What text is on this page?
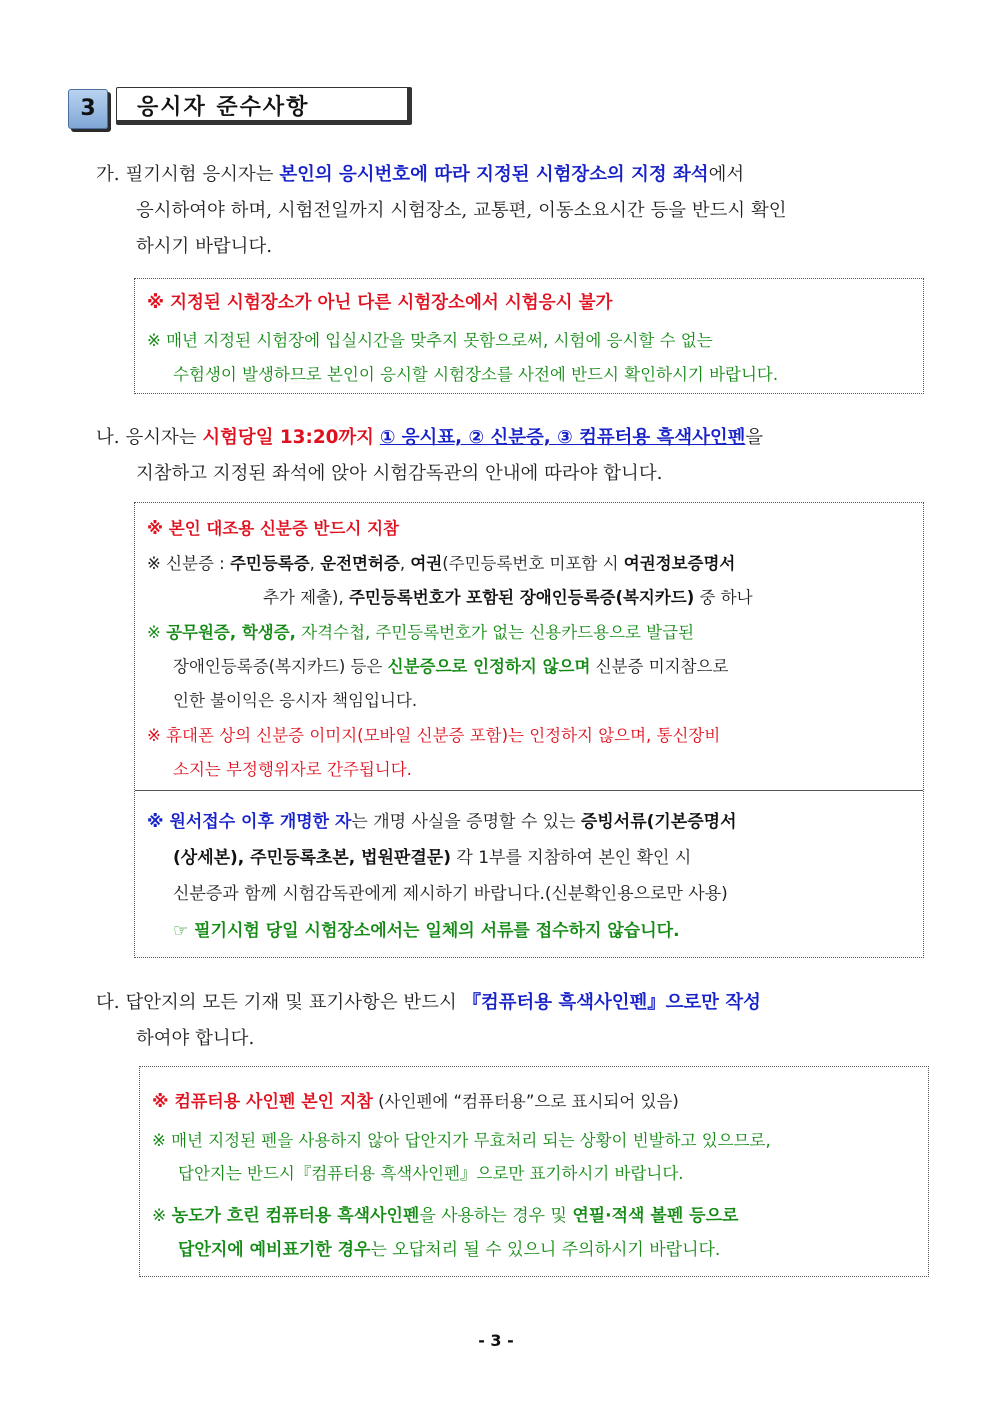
3	응시자 준수사항
가. 필기시험 응시자는 본인의 응시번호에 따라 지정된 시험장소의 지정 좌석에서
응시하여야 하며, 시험전일까지 시험장소, 교통편, 이동소요시간 등을 반드시 확인
하시기 바랍니다.
※ 지정된 시험장소가 아닌 다른 시험장소에서 시험응시 불가
※ 매년 지정된 시험장에 입실시간을 맞추지 못함으로써, 시험에 응시할 수 없는
수험생이 발생하므로 본인이 응시할 시험장소를 사전에 반드시 확인하시기 바랍니다.
나. 응시자는 시험당일 13:20까지 ① 응시표, ② 신분증, ③ 컴퓨터용 흑색사인펜을
지참하고 지정된 좌석에 앉아 시험감독관의 안내에 따라야 합니다.
※ 본인 대조용 신분증 반드시 지참
※ 신분증 : 주민등록증, 운전면허증, 여권(주민등록번호 미포함 시 여권정보증명서
추가 제출), 주민등록번호가 포함된 장애인등록증(복지카드) 중 하나
※ 공무원증, 학생증, 자격수첩, 주민등록번호가 없는 신용카드용으로 발급된
장애인등록증(복지카드) 등은 신분증으로 인정하지 않으며 신분증 미지참으로
인한 불이익은 응시자 책임입니다.
※ 휴대폰 상의 신분증 이미지(모바일 신분증 포함)는 인정하지 않으며, 통신장비
소지는 부정행위자로 간주됩니다.
※ 원서접수 이후 개명한 자는 개명 사실을 증명할 수 있는 증빙서류(기본증명서
(상세본), 주민등록초본, 법원판결문) 각 1부를 지참하여 본인 확인 시
신분증과 함께 시험감독관에게 제시하기 바랍니다.(신분확인용으로만 사용)
☞ 필기시험 당일 시험장소에서는 일체의 서류를 접수하지 않습니다.
다. 답안지의 모든 기재 및 표기사항은 반드시 『컴퓨터용 흑색사인펜』으로만 작성
하여야 합니다.
※ 컴퓨터용 사인펜 본인 지참 (사인펜에 “컴퓨터용”으로 표시되어 있음)
※ 매년 지정된 펜을 사용하지 않아 답안지가 무효처리 되는 상황이 빈발하고 있으므로,
답안지는 반드시『컴퓨터용 흑색사인펜』으로만 표기하시기 바랍니다.
※ 농도가 흐린 컴퓨터용 흑색사인펜을 사용하는 경우 및 연필·적색 볼펜 등으로
답안지에 예비표기한 경우는 오답처리 될 수 있으니 주의하시기 바랍니다.
- 3 -
